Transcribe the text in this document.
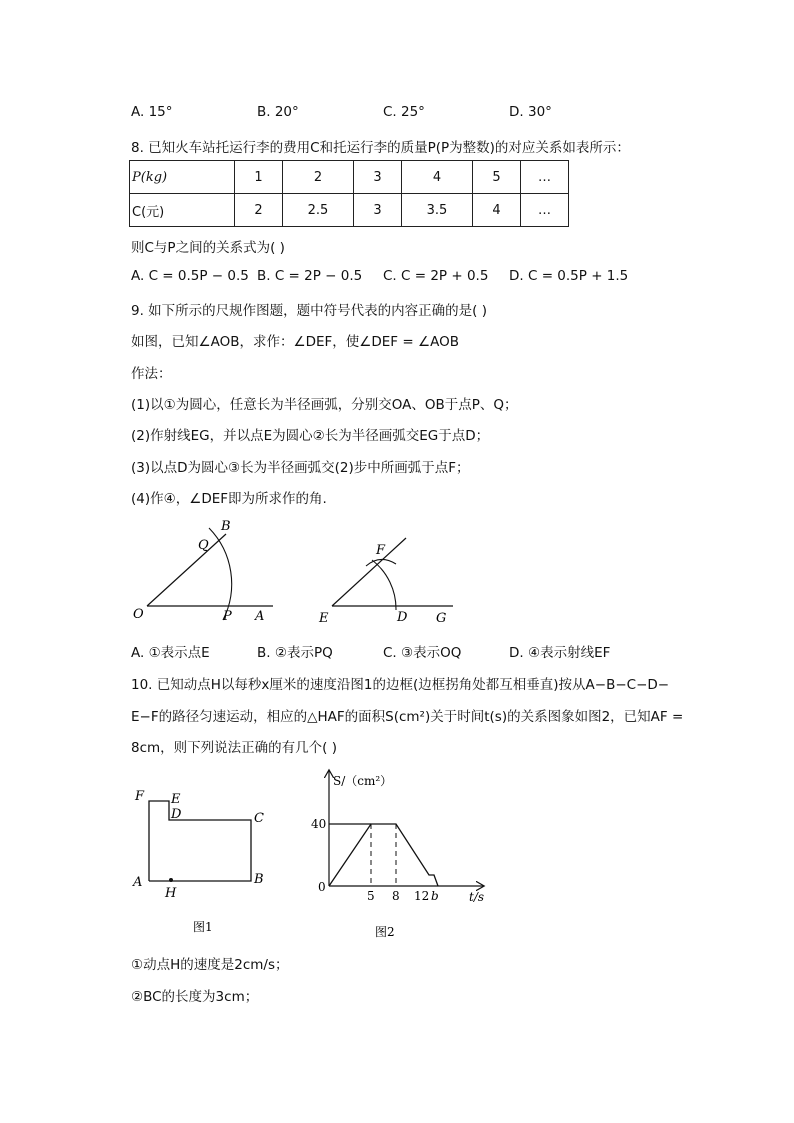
A. 15°	B. 20°	C. 25°	D. 30°
8. 已知火车站托运行李的费用C和托运行李的质量P(P为整数)的对应关系如表所示：
P(kg)	1	2	3	4	5	…
C(元)	2	2.5	3	3.5	4	…
则C与P之间的关系式为( )
A. C = 0.5P − 0.5 B. C = 2P − 0.5 C. C = 2P + 0.5 D. C = 0.5P + 1.5
9. 如下所示的尺规作图题，题中符号代表的内容正确的是( )
如图，已知∠AOB，求作：∠DEF，使∠DEF = ∠AOB
作法：
(1)以①为圆心，任意长为半径画弧，分别交OA、OB于点P、Q；
(2)作射线EG，并以点E为圆心②长为半径画弧交EG于点D；
(3)以点D为圆心③长为半径画弧交(2)步中所画弧于点F；
(4)作④，∠DEF即为所求作的角.
B
Q
O	P A
F
E	D G
A. ①表示点E	B. ②表示PQ	C. ③表示OQ	D. ④表示射线EF
10. 已知动点H以每秒x厘米的速度沿图1的边框(边框拐角处都互相垂直)按从A−B−C−D−
E−F的路径匀速运动，相应的△HAF的面积S(cm²)关于时间t(s)的关系图象如图2，已知AF =
8cm，则下列说法正确的有几个( )
F E
D	C
A
H
B
图1
S/（cm²）
40
0
5 8 12 b	t/s
图2
①动点H的速度是2cm/s；
②BC的长度为3cm；
